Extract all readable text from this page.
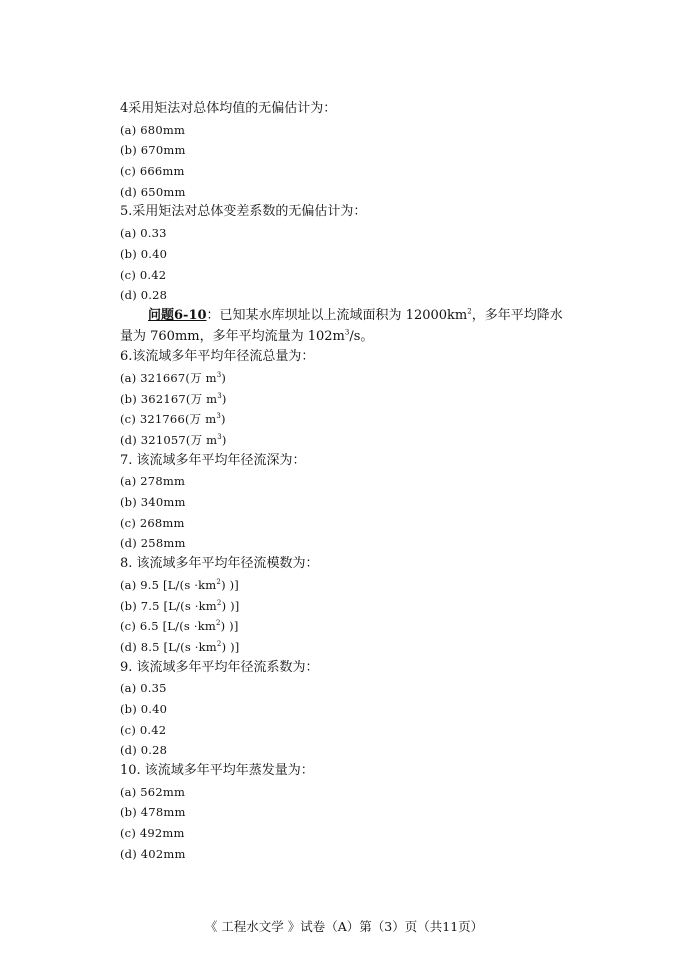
4采用矩法对总体均值的无偏估计为：
(a) 680mm
(b) 670mm
(c) 666mm
(d) 650mm
5.采用矩法对总体变差系数的无偏估计为：
(a) 0.33
(b) 0.40
(c) 0.42
(d) 0.28
问题6-10：已知某水库坝址以上流域面积为 $12000km^2$，多年平均降水量为 760mm，多年平均流量为 $102m^3/s$。
6.该流域多年平均年径流总量为：
(a) 321667(万 $m^3$)
(b) 362167(万 $m^3$)
(c) 321766(万 $m^3$)
(d) 321057(万 $m^3$)
7. 该流域多年平均年径流深为：
(a) 278mm
(b) 340mm
(c) 268mm
(d) 258mm
8. 该流域多年平均年径流模数为：
(a) 9.5 [$L/(s \cdot km^2)$ )]
(b) 7.5 [$L/(s \cdot km^2)$ )]
(c) 6.5 [$L/(s \cdot km^2)$ )]
(d) 8.5 [$L/(s \cdot km^2)$ )]
9. 该流域多年平均年径流系数为：
(a) 0.35
(b) 0.40
(c) 0.42
(d) 0.28
10. 该流域多年平均年蒸发量为：
(a) 562mm
(b) 478mm
(c) 492mm
(d) 402mm
《 工程水文学 》试卷（A）第（3）页（共11页）
